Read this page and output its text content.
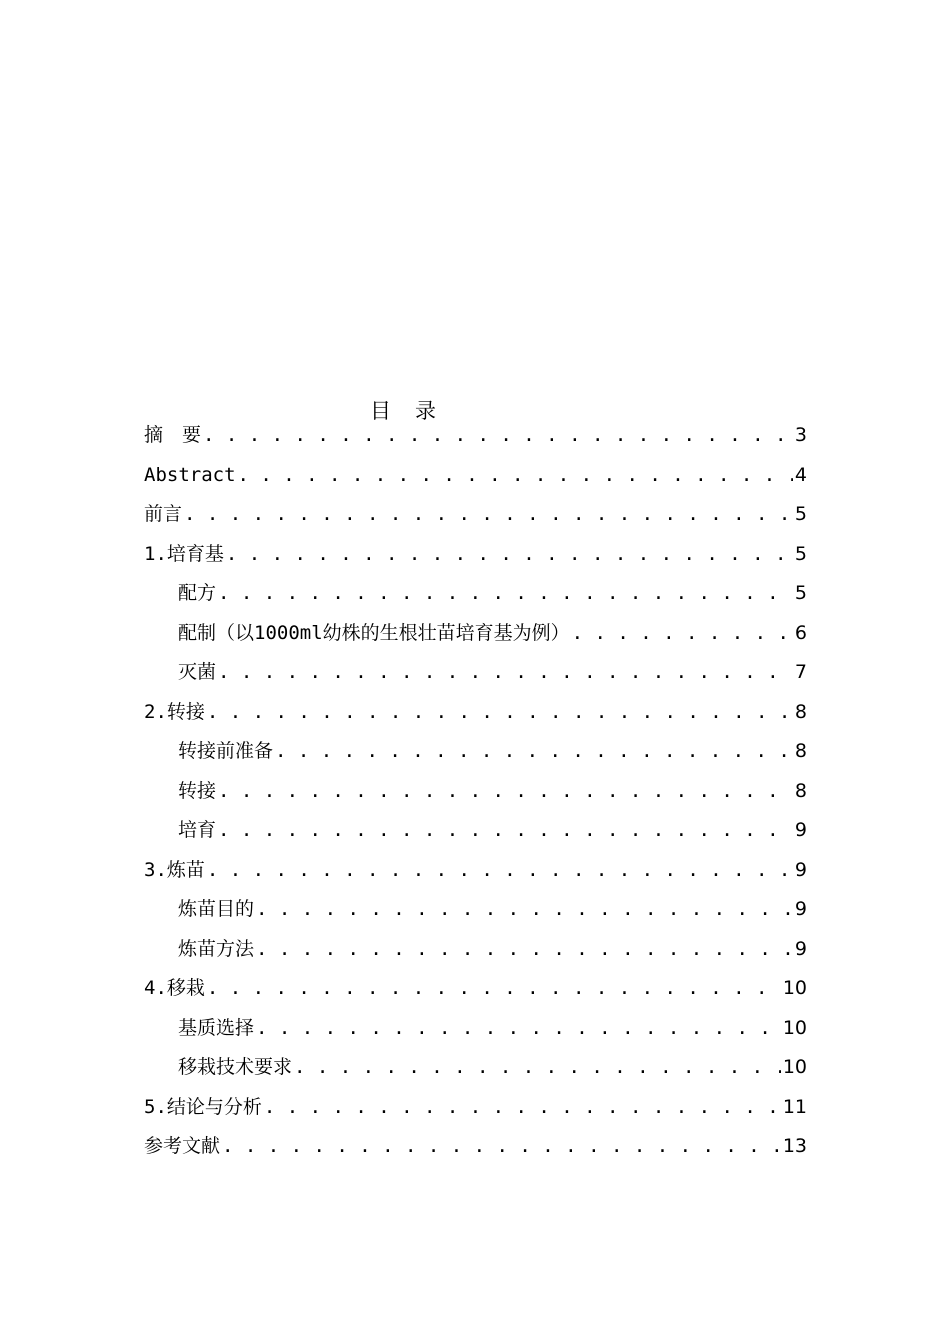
目 录
摘　要 . . .	3
Abstract . . .	4
前言 . . .	5
1.培育基 . . .	5
配方 . . .	5
配制（以1000ml幼株的生根壮苗培育基为例） . . .	6
灭菌 . . .	7
2.转接 . . .	8
转接前准备 . . .	8
转接 . . .	8
培育 . . .	9
3.炼苗 . . .	9
炼苗目的 . . .	9
炼苗方法 . . .	9
4.移栽 . . .	10
基质选择 . . .	10
移栽技术要求 . . .	10
5.结论与分析 . . .	11
参考文献 . . .	13
